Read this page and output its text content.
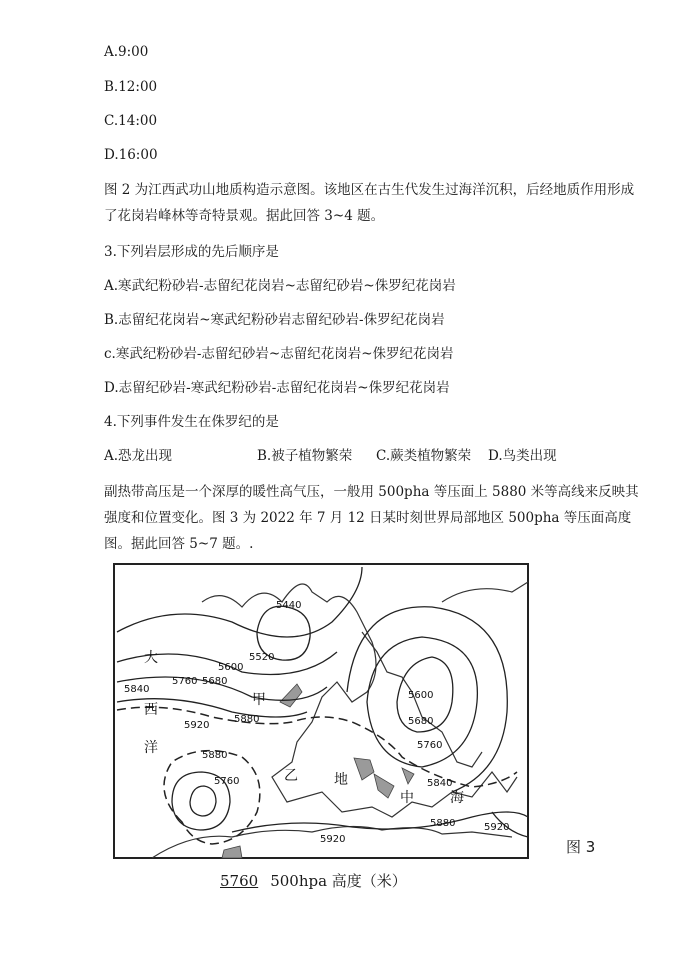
A.9:00
B.12:00
C.14:00
D.16:00
图 2 为江西武功山地质构造示意图。该地区在古生代发生过海洋沉积，后经地质作用形成了花岗岩峰林等奇特景观。据此回答 3~4 题。
3.下列岩层形成的先后顺序是
A.寒武纪粉砂岩-志留纪花岗岩~志留纪砂岩~侏罗纪花岗岩
B.志留纪花岗岩~寒武纪粉砂岩志留纪砂岩-侏罗纪花岗岩
c.寒武纪粉砂岩-志留纪砂岩~志留纪花岗岩~侏罗纪花岗岩
D.志留纪砂岩-寒武纪粉砂岩-志留纪花岗岩~侏罗纪花岗岩
4.下列事件发生在侏罗纪的是
A.恐龙出现	B.被子植物繁荣 C.蕨类植物繁荣 D.鸟类出现
副热带高压是一个深厚的暖性高气压，一般用 500pha 等压面上 5880 米等高线来反映其强度和位置变化。图 3 为 2022 年 7 月 12 日某时刻世界局部地区 500pha 等压面高度图。据此回答 5~7 题。.
5440
5520
5600
5680
5760
5840
5920
5880
5880
5760
5600
5680
5760
5840
5880
5920
5920
大
西
洋
甲
乙	地
中	海
图 3
5760 500hpa 高度（米）
